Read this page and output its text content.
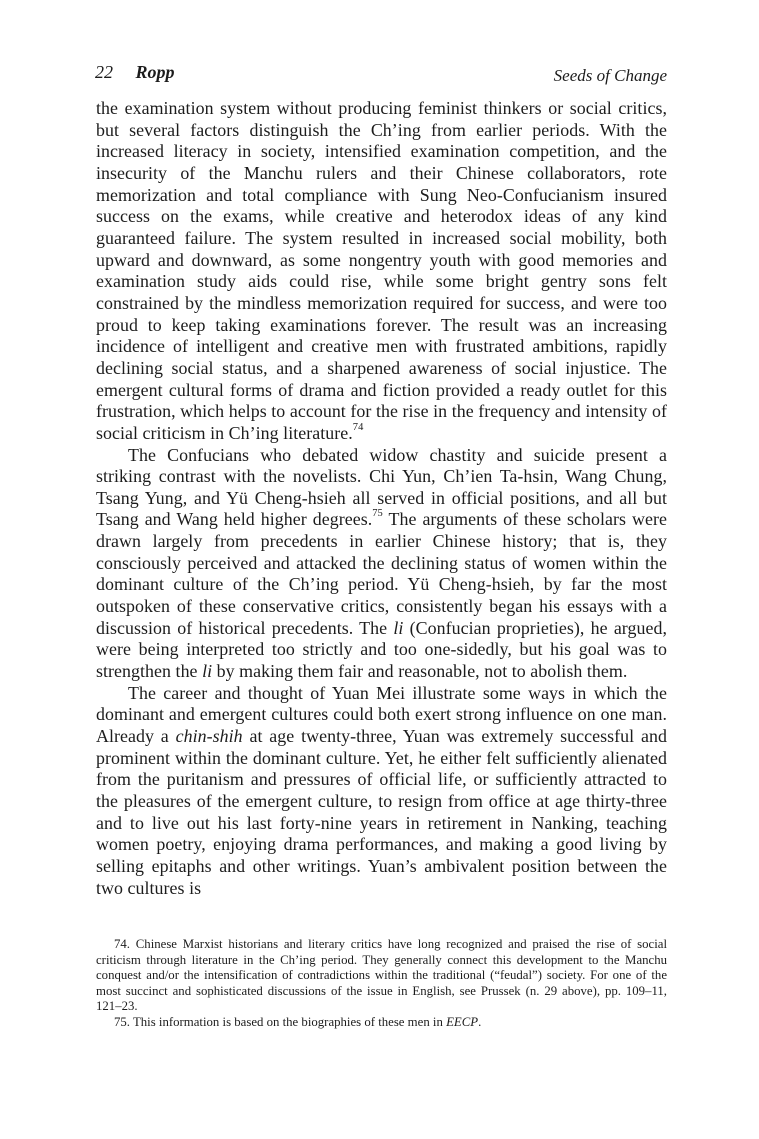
22 Ropp	Seeds of Change

the examination system without producing feminist thinkers or social critics, but several factors distinguish the Ch’ing from earlier periods. With the increased literacy in society, intensified examination competition, and the insecurity of the Manchu rulers and their Chinese collaborators, rote memorization and total compliance with Sung Neo-Confucianism insured success on the exams, while creative and heterodox ideas of any kind guaranteed failure. The system resulted in increased social mobility, both upward and downward, as some nongentry youth with good memories and examination study aids could rise, while some bright gentry sons felt constrained by the mindless memorization required for success, and were too proud to keep taking examinations forever. The result was an increasing incidence of intelligent and creative men with frustrated ambitions, rapidly declining social status, and a sharpened awareness of social injustice. The emergent cultural forms of drama and fiction provided a ready outlet for this frustration, which helps to account for the rise in the frequency and intensity of social criticism in Ch’ing literature.$^{74}$

The Confucians who debated widow chastity and suicide present a striking contrast with the novelists. Chi Yun, Ch’ien Ta-hsin, Wang Chung, Tsang Yung, and Yü Cheng-hsieh all served in official positions, and all but Tsang and Wang held higher degrees.$^{75}$ The arguments of these scholars were drawn largely from precedents in earlier Chinese history; that is, they consciously perceived and attacked the declining status of women within the dominant culture of the Ch’ing period. Yü Cheng-hsieh, by far the most outspoken of these conservative critics, consistently began his essays with a discussion of historical precedents. The li (Confucian proprieties), he argued, were being interpreted too strictly and too one-sidedly, but his goal was to strengthen the li by making them fair and reasonable, not to abolish them.

The career and thought of Yuan Mei illustrate some ways in which the dominant and emergent cultures could both exert strong influence on one man. Already a chin-shih at age twenty-three, Yuan was extremely successful and prominent within the dominant culture. Yet, he either felt sufficiently alienated from the puritanism and pressures of official life, or sufficiently attracted to the pleasures of the emergent culture, to resign from office at age thirty-three and to live out his last forty-nine years in retirement in Nanking, teaching women poetry, enjoying drama performances, and making a good living by selling epitaphs and other writings. Yuan’s ambivalent position between the two cultures is

74. Chinese Marxist historians and literary critics have long recognized and praised the rise of social criticism through literature in the Ch’ing period. They generally connect this development to the Manchu conquest and/or the intensification of contradictions within the traditional (“feudal”) society. For one of the most succinct and sophisticated discussions of the issue in English, see Prussek (n. 29 above), pp. 109–11, 121–23.

75. This information is based on the biographies of these men in EECP.
